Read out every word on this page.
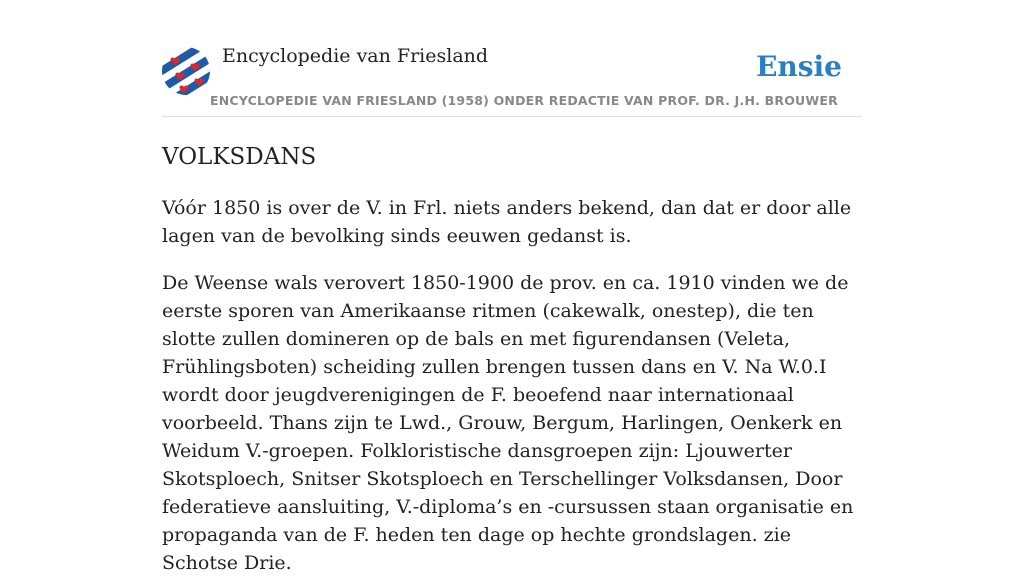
Encyclopedie van Friesland
ENCYCLOPEDIE VAN FRIESLAND (1958) ONDER REDACTIE VAN PROF. DR. J.H. BROUWER
Ensie
VOLKSDANS

Vóór 1850 is over de V. in Frl. niets anders bekend, dan dat er door alle lagen van de bevolking sinds eeuwen gedanst is.

De Weense wals verovert 1850-1900 de prov. en ca. 1910 vinden we de eerste sporen van Amerikaanse ritmen (cakewalk, onestep), die ten slotte zullen domineren op de bals en met figurendansen (Veleta, Frühlingsboten) scheiding zullen brengen tussen dans en V. Na W.0.I wordt door jeugdverenigingen de F. beoefend naar internationaal voorbeeld. Thans zijn te Lwd., Grouw, Bergum, Harlingen, Oenkerk en Weidum V.-groepen. Folkloristische dansgroepen zijn: Ljouwerter Skotsploech, Snitser Skotsploech en Terschellinger Volksdansen, Door federatieve aansluiting, V.-diploma’s en -cursussen staan organisatie en propaganda van de F. heden ten dage op hechte grondslagen. zie Schotse Drie.
